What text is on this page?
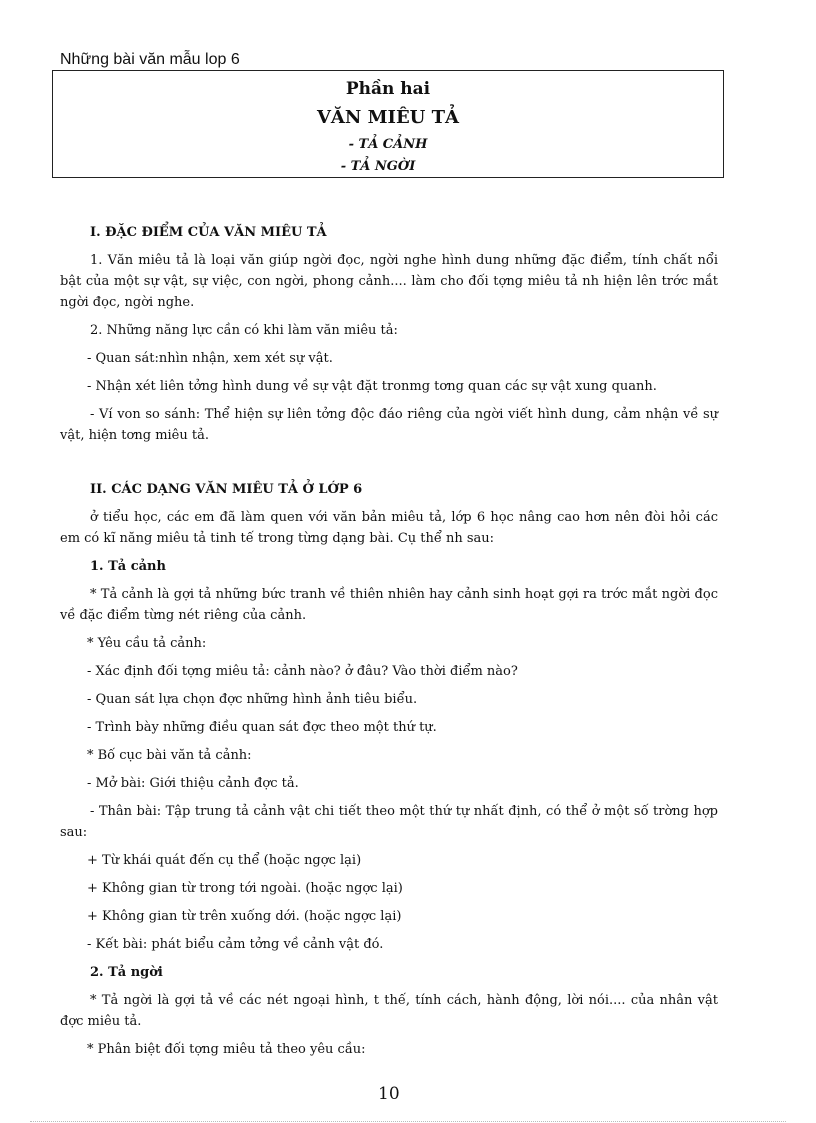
Những bài văn mẫu lop 6
Phần hai
VĂN MIÊU TẢ
- TẢ CẢNH
- TẢ NGỜI

I. ĐẶC ĐIỂM CỦA VĂN MIÊU TẢ

1. Văn miêu tả là loại văn giúp ngời đọc, ngời nghe hình dung những đặc điểm, tính chất nổi bật của một sự vật, sự việc, con ngời, phong cảnh.... làm cho đối tợng miêu tả nh hiện lên trớc mắt ngời đọc, ngời nghe.

2. Những năng lực cần có khi làm văn miêu tả:

- Quan sát:nhìn nhận, xem xét sự vật.

- Nhận xét liên tởng hình dung về sự vật đặt tronmg tơng quan các sự vật xung quanh.

- Ví von so sánh: Thể hiện sự liên tởng độc đáo riêng của ngời viết hình dung, cảm nhận về sự vật, hiện tơng miêu tả.

II. CÁC DẠNG VĂN MIÊU TẢ Ở LỚP 6

ở tiểu học, các em đã làm quen với văn bản miêu tả, lớp 6 học nâng cao hơn nên đòi hỏi các em có kĩ năng miêu tả tinh tế trong từng dạng bài. Cụ thể nh sau:

1. Tả cảnh

* Tả cảnh là gợi tả những bức tranh về thiên nhiên hay cảnh sinh hoạt gợi ra trớc mắt ngời đọc về đặc điểm từng nét riêng của cảnh.

* Yêu cầu tả cảnh:

- Xác định đối tợng miêu tả: cảnh nào? ở đâu? Vào thời điểm nào?

- Quan sát lựa chọn đợc những hình ảnh tiêu biểu.

- Trình bày những điều quan sát đợc theo một thứ tự.

* Bố cục bài văn tả cảnh:

- Mở bài: Giới thiệu cảnh đợc tả.

- Thân bài: Tập trung tả cảnh vật chi tiết theo một thứ tự nhất định, có thể ở một số trờng hợp sau:

+ Từ khái quát đến cụ thể (hoặc ngợc lại)

+ Không gian từ trong tới ngoài. (hoặc ngợc lại)

+ Không gian từ trên xuống dới. (hoặc ngợc lại)

- Kết bài: phát biểu cảm tởng về cảnh vật đó.

2. Tả ngời

* Tả ngời là gợi tả về các nét ngoại hình, t thế, tính cách, hành động, lời nói.... của nhân vật đợc miêu tả.

* Phân biệt đối tợng miêu tả theo yêu cầu:

10
